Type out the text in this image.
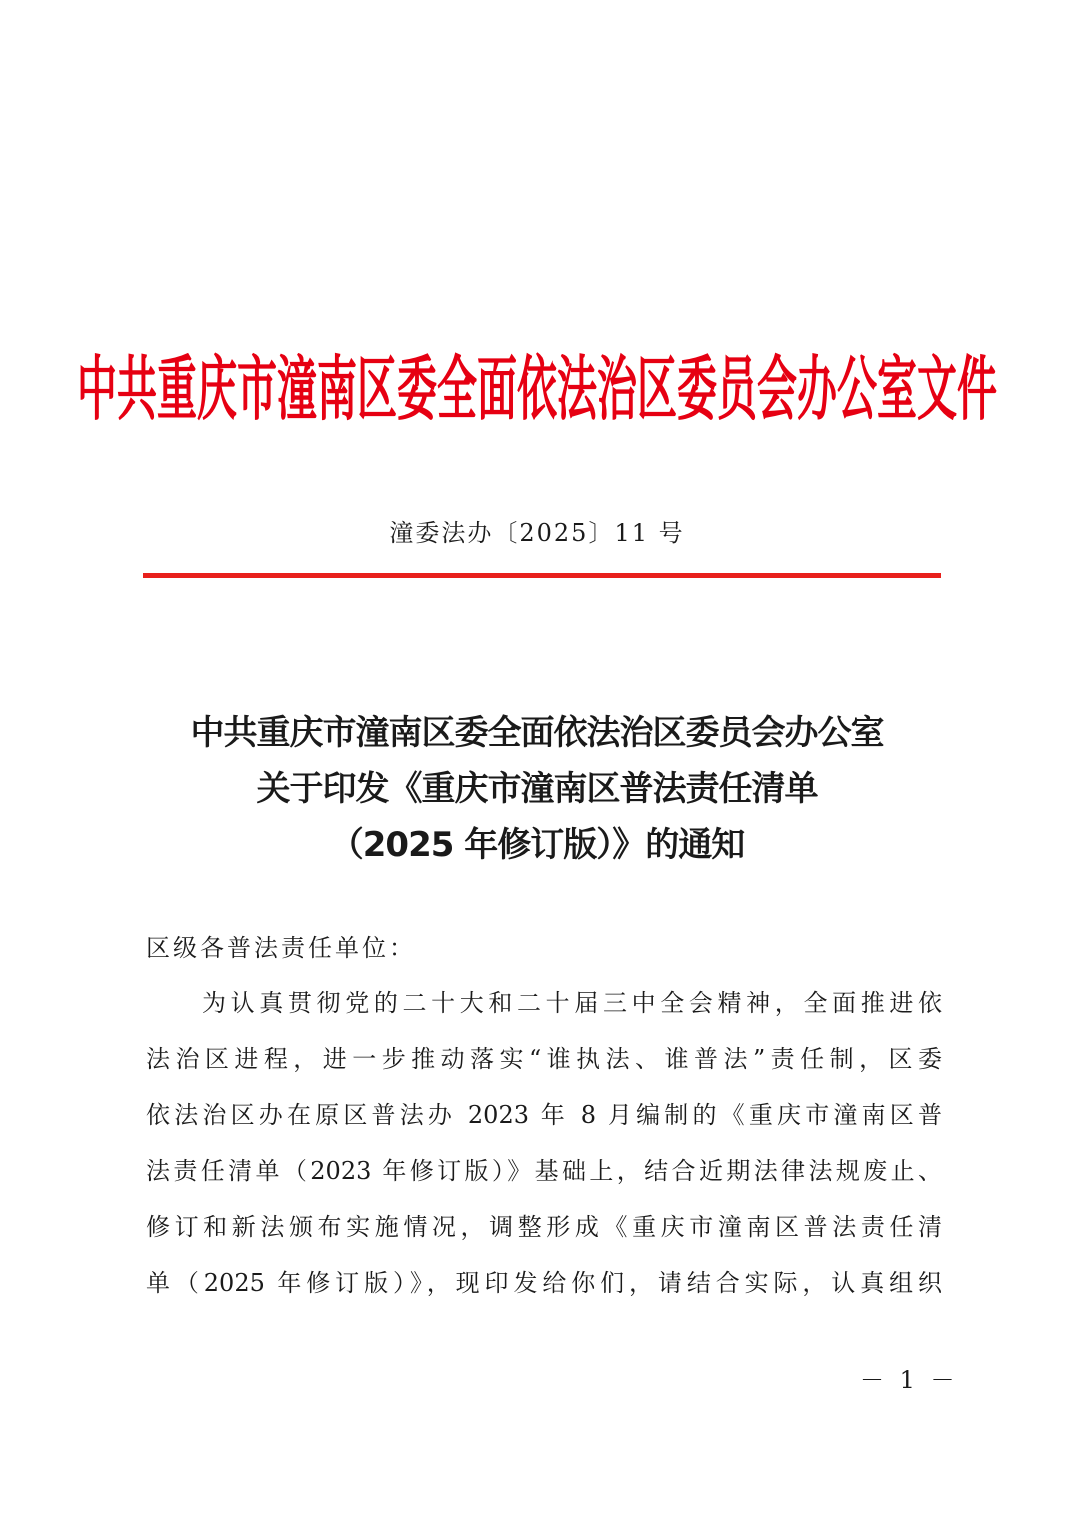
中共重庆市潼南区委全面依法治区委员会办公室文件
潼委法办〔2025〕11 号
中共重庆市潼南区委全面依法治区委员会办公室
关于印发《重庆市潼南区普法责任清单
（2025 年修订版）》的通知
区级各普法责任单位：
为认真贯彻党的二十大和二十届三中全会精神，全面推进依
法治区进程，进一步推动落实“谁执法、谁普法”责任制，区委
依法治区办在原区普法办 2023 年 8 月编制的《重庆市潼南区普
法责任清单（2023 年修订版）》基础上，结合近期法律法规废止、
修订和新法颁布实施情况，调整形成《重庆市潼南区普法责任清
单（2025 年修订版）》，现印发给你们，请结合实际，认真组织
－ 1 －
